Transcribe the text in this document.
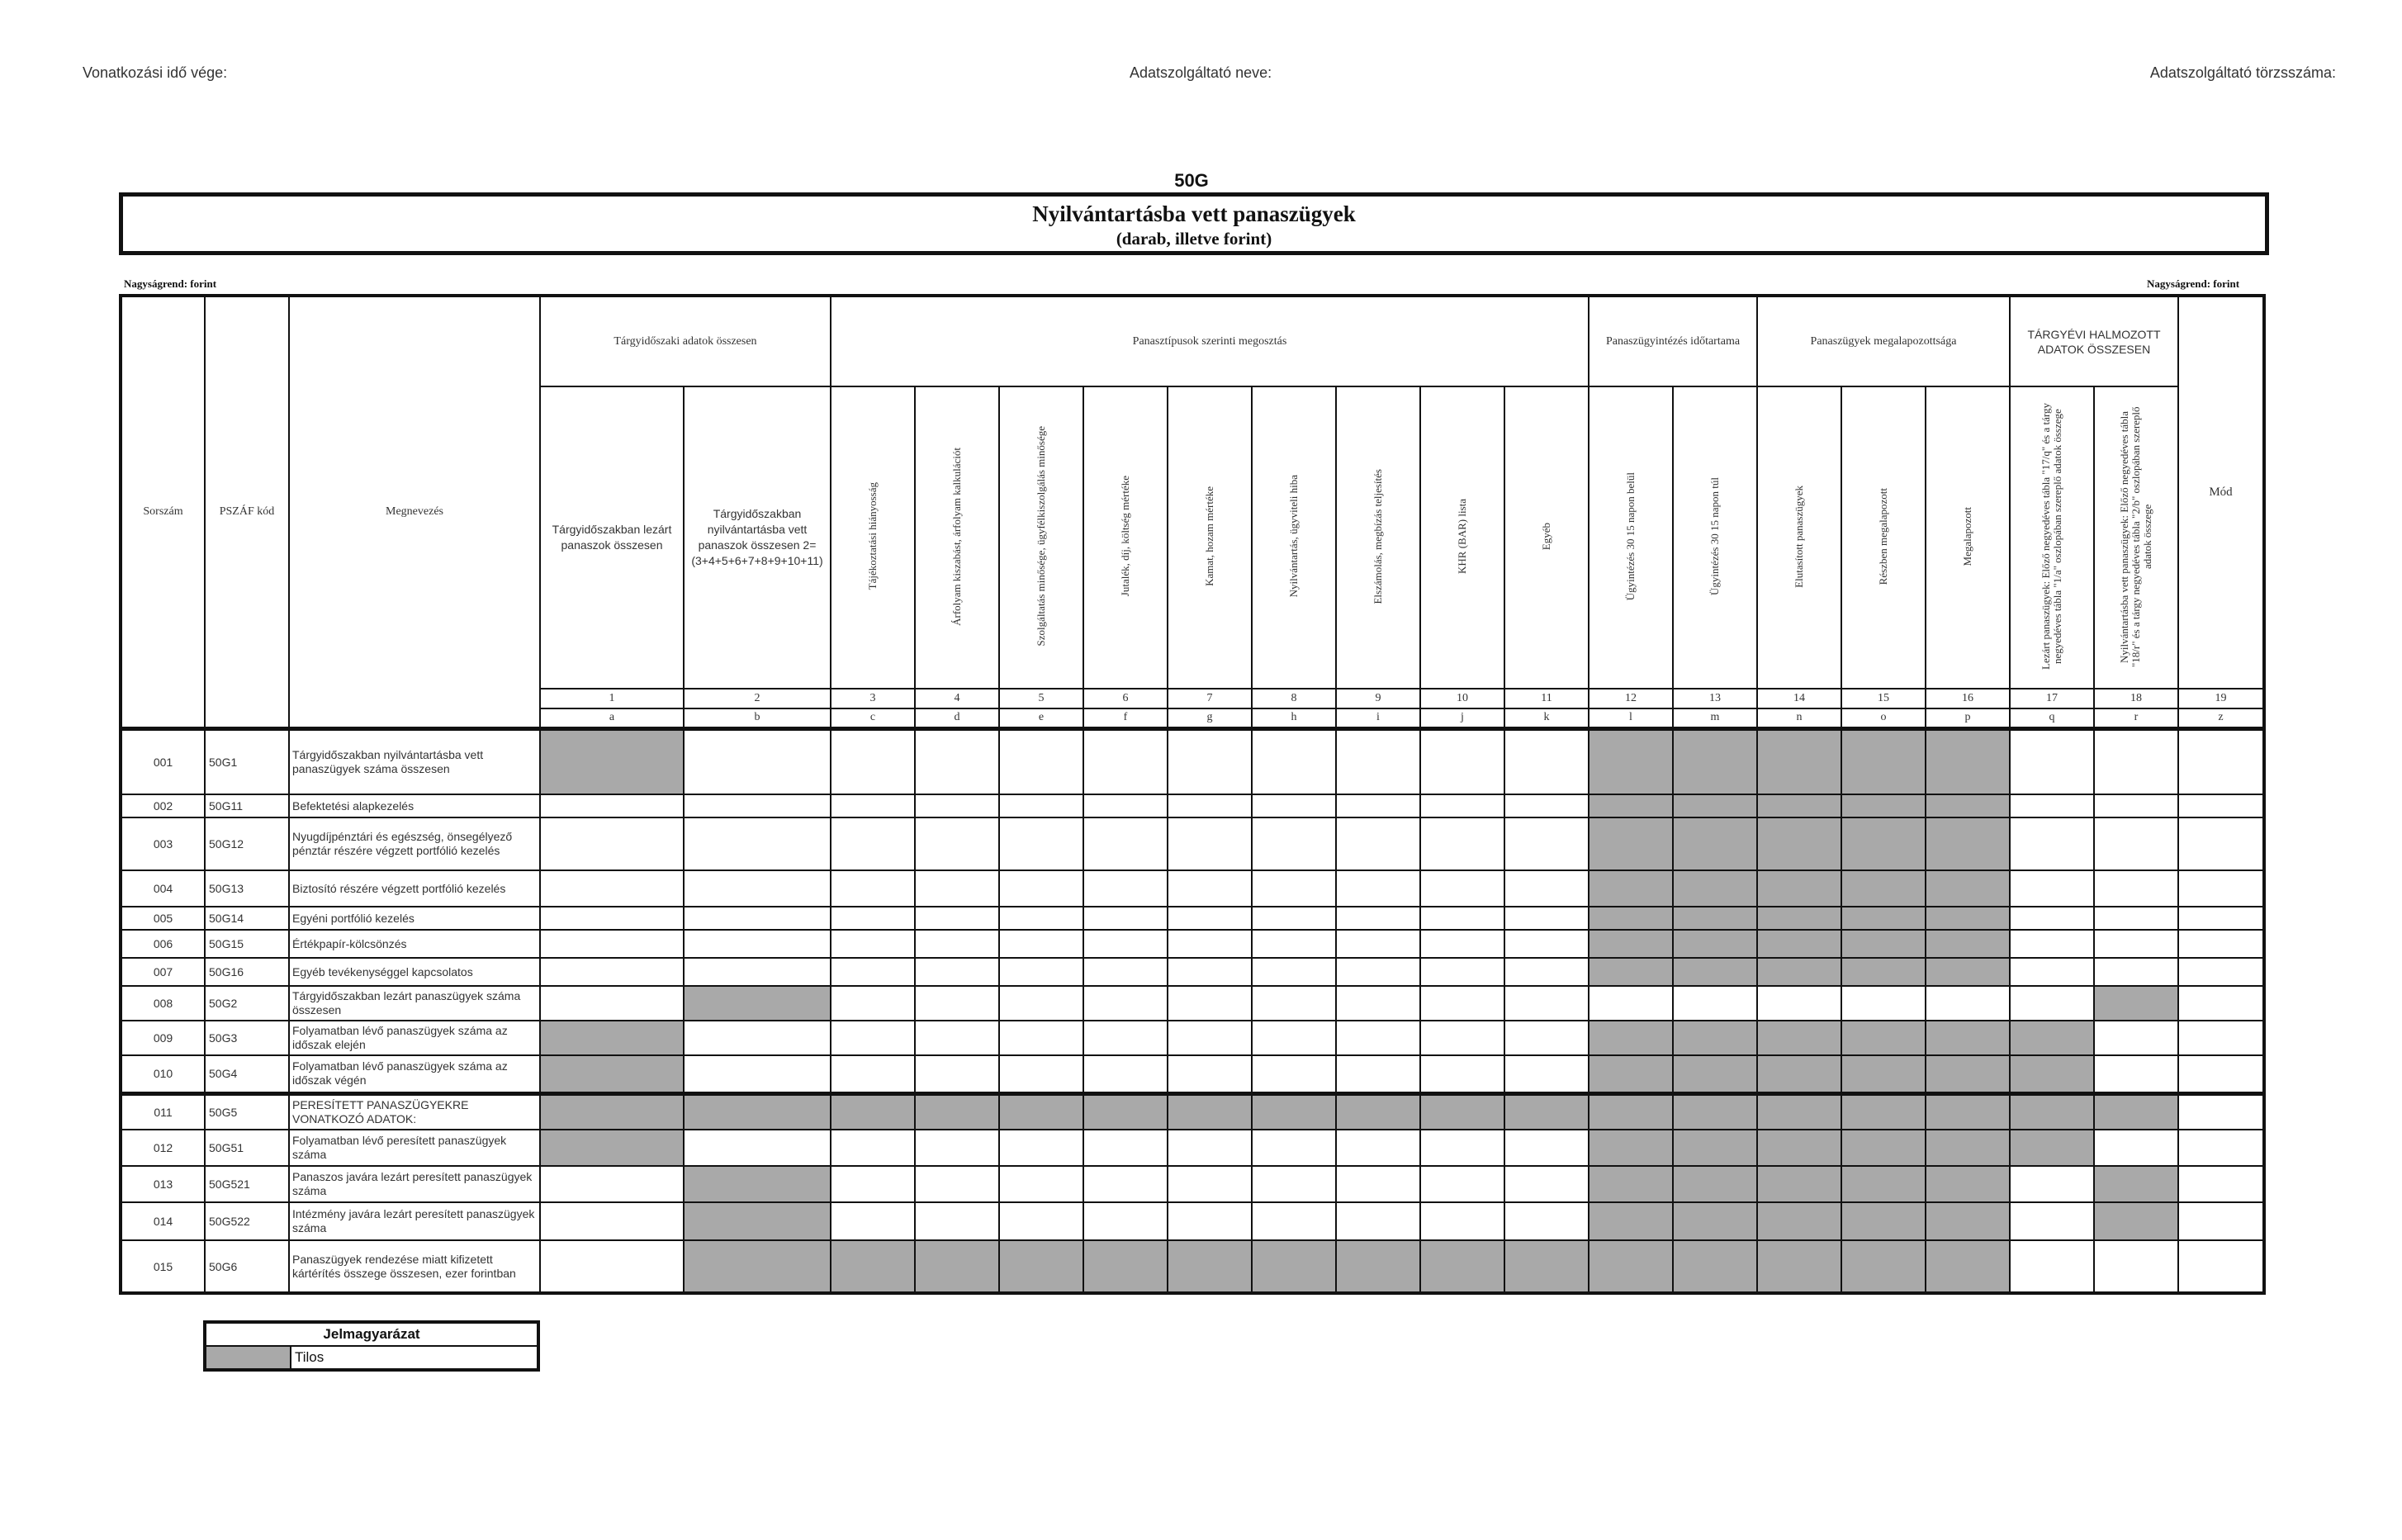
Vonatkozási idő vége:	Adatszolgáltató neve:	Adatszolgáltató törzsszáma:
50G
Nyilvántartásba vett panaszügyek
(darab, illetve forint)
Nagyságrend: forint	Nagyságrend: forint
Sorszám	PSZÁF kód	Megnevezés	Tárgyidőszaki adatok összesen		Panasztípusok szerinti megosztás									Panaszügyintézés időtartama		Panaszügyek megalapozottsága			TÁRGYÉVI HALMOZOTT ADATOK ÖSSZESEN		Mód
			Tárgyidőszakban lezárt panaszok összesen	Tárgyidőszakban nyilvántartásba vett panaszok összesen 2=(3+4+5+6+7+8+9+10+11)	Tájékoztatási hiányosság	Árfolyam kiszabást, árfolyam kalkulációt	Szolgáltatás minősége, ügyfélkiszolgálás minősége	Jutalék, díj, költség mértéke	Kamat, hozam mértéke	Nyilvántartás, ügyviteli hiba	Elszámolás, megbízás teljesítés	KHR (BAR) lista	Egyéb	Ügyintézés 30 15 napon belül	Ügyintézés 30 15 napon túl	Elutasított panaszügyek	Részben megalapozott	Megalapozott	Lezárt panaszügyek: Előző negyedéves tábla "17/q" és a tárgy negyedéves tábla "1/a" oszlopában szereplő adatok összege	Nyilvántartásba vett panaszügyek: Előző negyedéves tábla "18/r" és a tárgy negyedéves tábla "2/b" oszlopában szereplő adatok összege	
			1	2	3	4	5	6	7	8	9	10	11	12	13	14	15	16	17	18	19
			a	b	c	d	e	f	g	h	i	j	k	l	m	n	o	p	q	r	z
001	50G1	Tárgyidőszakban nyilvántartásba vett panaszügyek száma összesen																			
002	50G11	Befektetési alapkezelés																			
003	50G12	Nyugdíjpénztári és egészség, önsegélyező pénztár részére végzett portfólió kezelés																			
004	50G13	Biztosító részére végzett portfólió kezelés																			
005	50G14	Egyéni portfólió kezelés																			
006	50G15	Értékpapír-kölcsönzés																			
007	50G16	Egyéb tevékenységgel kapcsolatos																			
008	50G2	Tárgyidőszakban lezárt panaszügyek száma összesen																			
009	50G3	Folyamatban lévő panaszügyek száma az időszak elején																			
010	50G4	Folyamatban lévő panaszügyek száma az időszak végén																			
011	50G5	PERESÍTETT PANASZÜGYEKRE VONATKOZÓ ADATOK:																			
012	50G51	Folyamatban lévő peresített panaszügyek száma																			
013	50G521	Panaszos javára lezárt peresített panaszügyek száma																			
014	50G522	Intézmény javára lezárt peresített panaszügyek száma																			
015	50G6	Panaszügyek rendezése miatt kifizetett kártérítés összege összesen, ezer forintban																			
Jelmagyarázat
	Tilos
